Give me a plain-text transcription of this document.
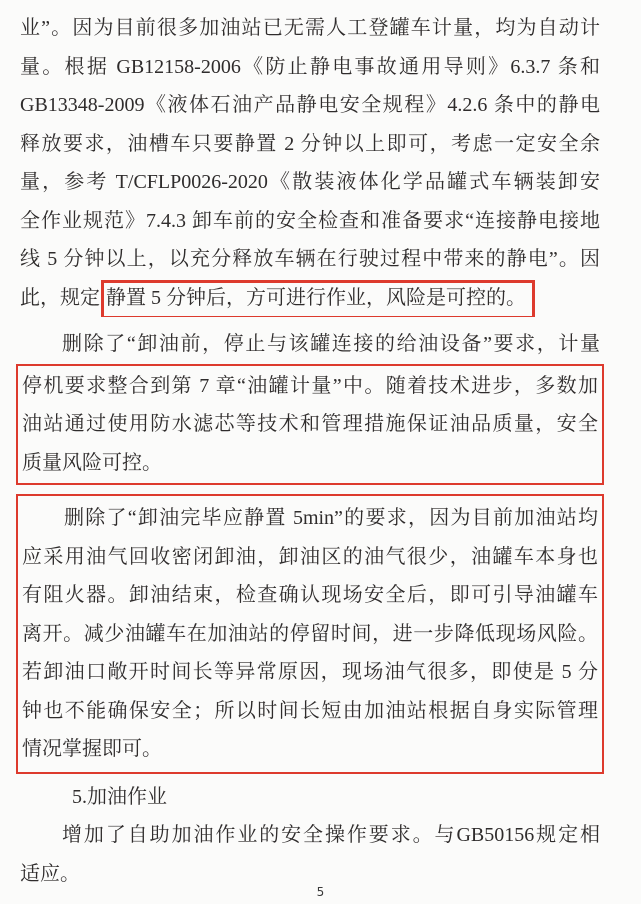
业”。因为目前很多加油站已无需人工登罐车计量，均为自动计
量。根据 GB12158-2006《防止静电事故通用导则》6.3.7 条和
GB13348-2009《液体石油产品静电安全规程》4.2.6 条中的静电
释放要求，油槽车只要静置 2 分钟以上即可，考虑一定安全余
量，参考 T/CFLP0026-2020《散装液体化学品罐式车辆装卸安
全作业规范》7.4.3 卸车前的安全检查和准备要求“连接静电接地
线 5 分钟以上，以充分释放车辆在行驶过程中带来的静电”。因
此，规定 静置 5 分钟后，方可进行作业，风险是可控的。
删除了“卸油前，停止与该罐连接的给油设备”要求，计量
停机要求整合到第 7 章“油罐计量”中。随着技术进步，多数加
油站通过使用防水滤芯等技术和管理措施保证油品质量，安全
质量风险可控。
删除了“卸油完毕应静置 5min”的要求，因为目前加油站均
应采用油气回收密闭卸油，卸油区的油气很少，油罐车本身也
有阻火器。卸油结束，检查确认现场安全后，即可引导油罐车
离开。减少油罐车在加油站的停留时间，进一步降低现场风险。
若卸油口敞开时间长等异常原因，现场油气很多，即使是 5 分
钟也不能确保安全；所以时间长短由加油站根据自身实际管理
情况掌握即可。
5.加油作业
增加了自助加油作业的安全操作要求。与GB50156规定相
适应。
5
